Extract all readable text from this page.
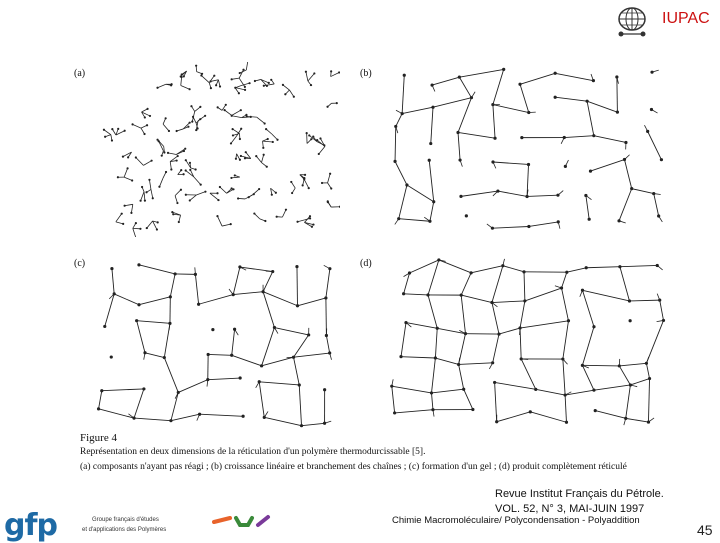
IUPAC
(a)	(b)
(c)	(d)
Figure 4
Représentation en deux dimensions de la réticulation d'un polymère thermodurcissable [5].
(a) composants n'ayant pas réagi ; (b) croissance linéaire et branchement des chaînes ; (c) formation d'un gel ; (d) produit complètement réticulé
Revue Institut Français du Pétrole.
VOL. 52, N° 3, MAI-JUIN 1997
Chimie Macromoléculaire/ Polycondensation - Polyaddition
45
gfp	Groupe français d'études
et d'applications des Polymères
